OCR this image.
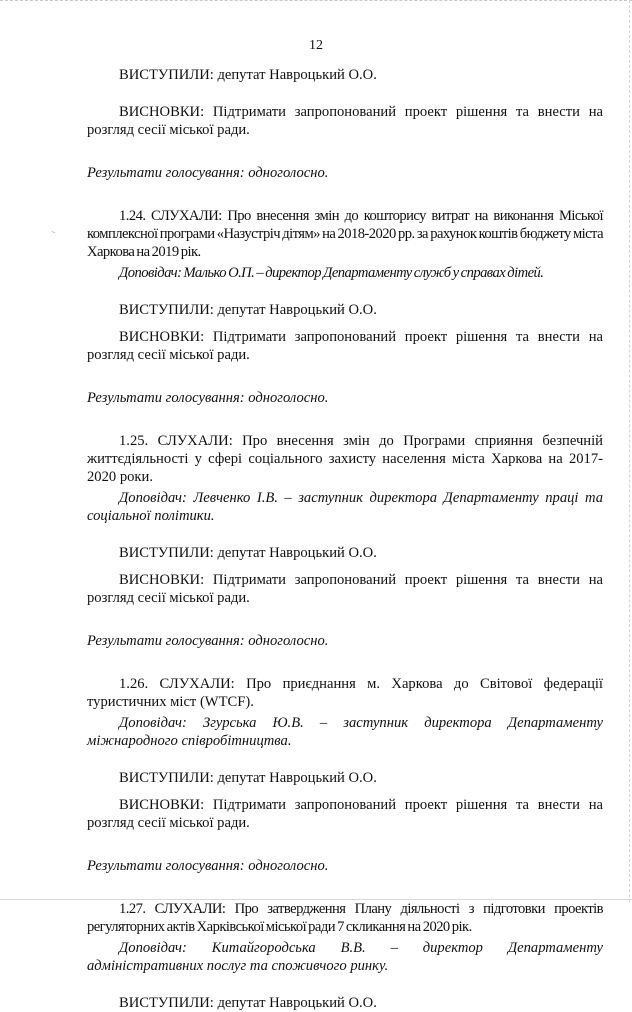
ı
12

ВИСТУПИЛИ: депутат Навроцький О.О.

ВИСНОВКИ: Підтримати запропонований проект рішення та внести на розгляд сесії міської ради.

Результати голосування: одноголосно.

1.24. СЛУХАЛИ: Про внесення змін до кошторису витрат на виконання Міської комплексної програми «Назустріч дітям» на 2018-2020 рр. за рахунок коштів бюджету міста Харкова на 2019 рік.

Доповідач: Малько О.П. – директор Департаменту служб у справах дітей.

ВИСТУПИЛИ: депутат Навроцький О.О.

ВИСНОВКИ: Підтримати запропонований проект рішення та внести на розгляд сесії міської ради.

Результати голосування: одноголосно.

1.25. СЛУХАЛИ: Про внесення змін до Програми сприяння безпечній життєдіяльності у сфері соціального захисту населення міста Харкова на 2017-2020 роки.

Доповідач: Левченко І.В. – заступник директора Департаменту праці та соціальної політики.

ВИСТУПИЛИ: депутат Навроцький О.О.

ВИСНОВКИ: Підтримати запропонований проект рішення та внести на розгляд сесії міської ради.

Результати голосування: одноголосно.

1.26. СЛУХАЛИ: Про приєднання м. Харкова до Світової федерації туристичних міст (WTCF).

Доповідач: Згурська Ю.В. – заступник директора Департаменту міжнародного співробітництва.

ВИСТУПИЛИ: депутат Навроцький О.О.

ВИСНОВКИ: Підтримати запропонований проект рішення та внести на розгляд сесії міської ради.

Результати голосування: одноголосно.

1.27. СЛУХАЛИ: Про затвердження Плану діяльності з підготовки проектів регуляторних актів Харківської міської ради 7 скликання на 2020 рік.

Доповідач: Китайгородська В.В. – директор Департаменту адміністративних послуг та споживчого ринку.

ВИСТУПИЛИ: депутат Навроцький О.О.
